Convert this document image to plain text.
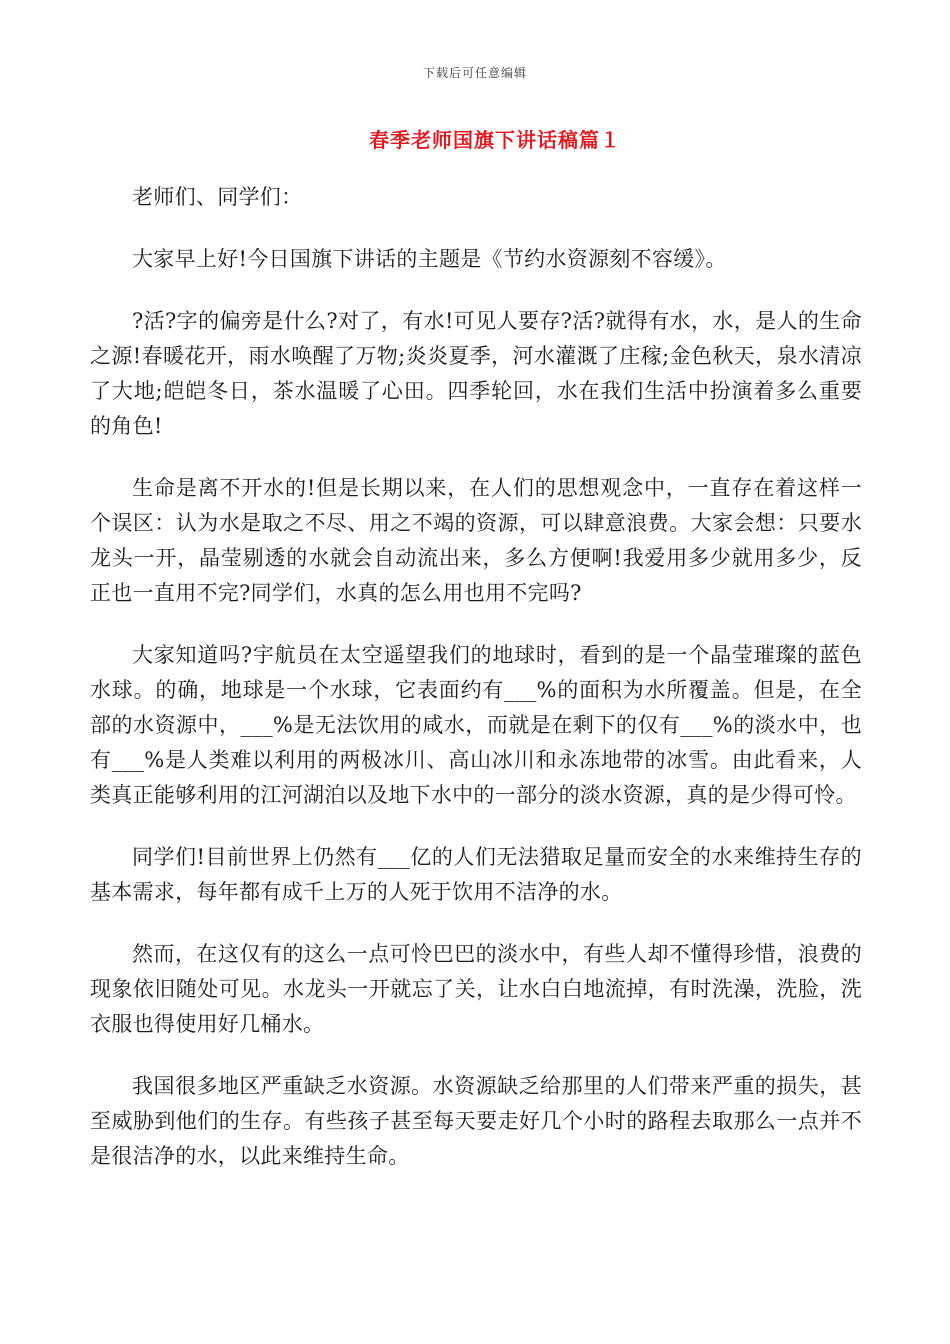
下载后可任意编辑
春季老师国旗下讲话稿篇１

老师们、同学们：

大家早上好!今日国旗下讲话的主题是《节约水资源刻不容缓》。

?活?字的偏旁是什么?对了，有水!可见人要存?活?就得有水，水，是人的生命之源!春暖花开，雨水唤醒了万物;炎炎夏季，河水灌溉了庄稼;金色秋天，泉水清凉了大地;皑皑冬日，茶水温暖了心田。四季轮回，水在我们生活中扮演着多么重要的角色!

生命是离不开水的!但是长期以来，在人们的思想观念中，一直存在着这样一个误区：认为水是取之不尽、用之不竭的资源，可以肆意浪费。大家会想：只要水龙头一开，晶莹剔透的水就会自动流出来，多么方便啊!我爱用多少就用多少，反正也一直用不完?同学们，水真的怎么用也用不完吗?

大家知道吗?宇航员在太空遥望我们的地球时，看到的是一个晶莹璀璨的蓝色水球。的确，地球是一个水球，它表面约有___%的面积为水所覆盖。但是，在全部的水资源中，___%是无法饮用的咸水，而就是在剩下的仅有___%的淡水中，也有___%是人类难以利用的两极冰川、高山冰川和永冻地带的冰雪。由此看来，人类真正能够利用的江河湖泊以及地下水中的一部分的淡水资源，真的是少得可怜。

同学们!目前世界上仍然有___亿的人们无法猎取足量而安全的水来维持生存的基本需求，每年都有成千上万的人死于饮用不洁净的水。

然而，在这仅有的这么一点可怜巴巴的淡水中，有些人却不懂得珍惜，浪费的现象依旧随处可见。水龙头一开就忘了关，让水白白地流掉，有时洗澡，洗脸，洗衣服也得使用好几桶水。

我国很多地区严重缺乏水资源。水资源缺乏给那里的人们带来严重的损失，甚至威胁到他们的生存。有些孩子甚至每天要走好几个小时的路程去取那么一点并不是很洁净的水，以此来维持生命。
